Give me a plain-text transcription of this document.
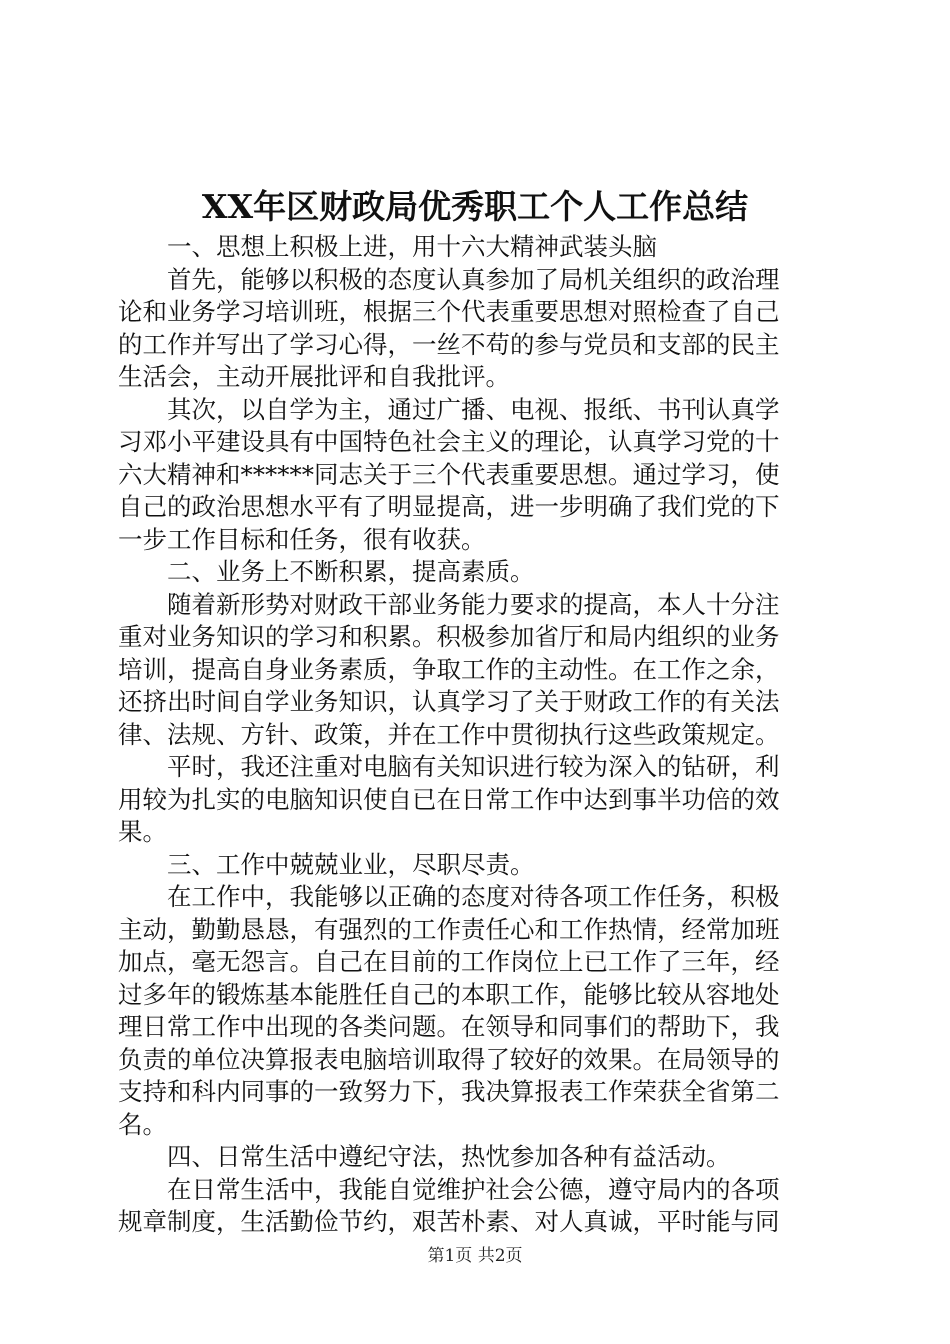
XX年区财政局优秀职工个人工作总结
　　一、思想上积极上进，用十六大精神武装头脑
　　首先，能够以积极的态度认真参加了局机关组织的政治理
论和业务学习培训班，根据三个代表重要思想对照检查了自己
的工作并写出了学习心得，一丝不苟的参与党员和支部的民主
生活会，主动开展批评和自我批评。
　　其次，以自学为主，通过广播、电视、报纸、书刊认真学
习邓小平建设具有中国特色社会主义的理论，认真学习党的十
六大精神和******同志关于三个代表重要思想。通过学习，使
自己的政治思想水平有了明显提高，进一步明确了我们党的下
一步工作目标和任务，很有收获。
　　二、业务上不断积累，提高素质。
　　随着新形势对财政干部业务能力要求的提高，本人十分注
重对业务知识的学习和积累。积极参加省厅和局内组织的业务
培训，提高自身业务素质，争取工作的主动性。在工作之余，
还挤出时间自学业务知识，认真学习了关于财政工作的有关法
律、法规、方针、政策，并在工作中贯彻执行这些政策规定。
　　平时，我还注重对电脑有关知识进行较为深入的钻研，利
用较为扎实的电脑知识使自已在日常工作中达到事半功倍的效
果。
　　三、工作中兢兢业业，尽职尽责。
　　在工作中，我能够以正确的态度对待各项工作任务，积极
主动，勤勤恳恳，有强烈的工作责任心和工作热情，经常加班
加点，毫无怨言。自己在目前的工作岗位上已工作了三年，经
过多年的锻炼基本能胜任自己的本职工作，能够比较从容地处
理日常工作中出现的各类问题。在领导和同事们的帮助下，我
负责的单位决算报表电脑培训取得了较好的效果。在局领导的
支持和科内同事的一致努力下，我决算报表工作荣获全省第二
名。
　　四、日常生活中遵纪守法，热忱参加各种有益活动。
　　在日常生活中，我能自觉维护社会公德，遵守局内的各项
规章制度，生活勤俭节约，艰苦朴素、对人真诚，平时能与同
第1页 共2页
